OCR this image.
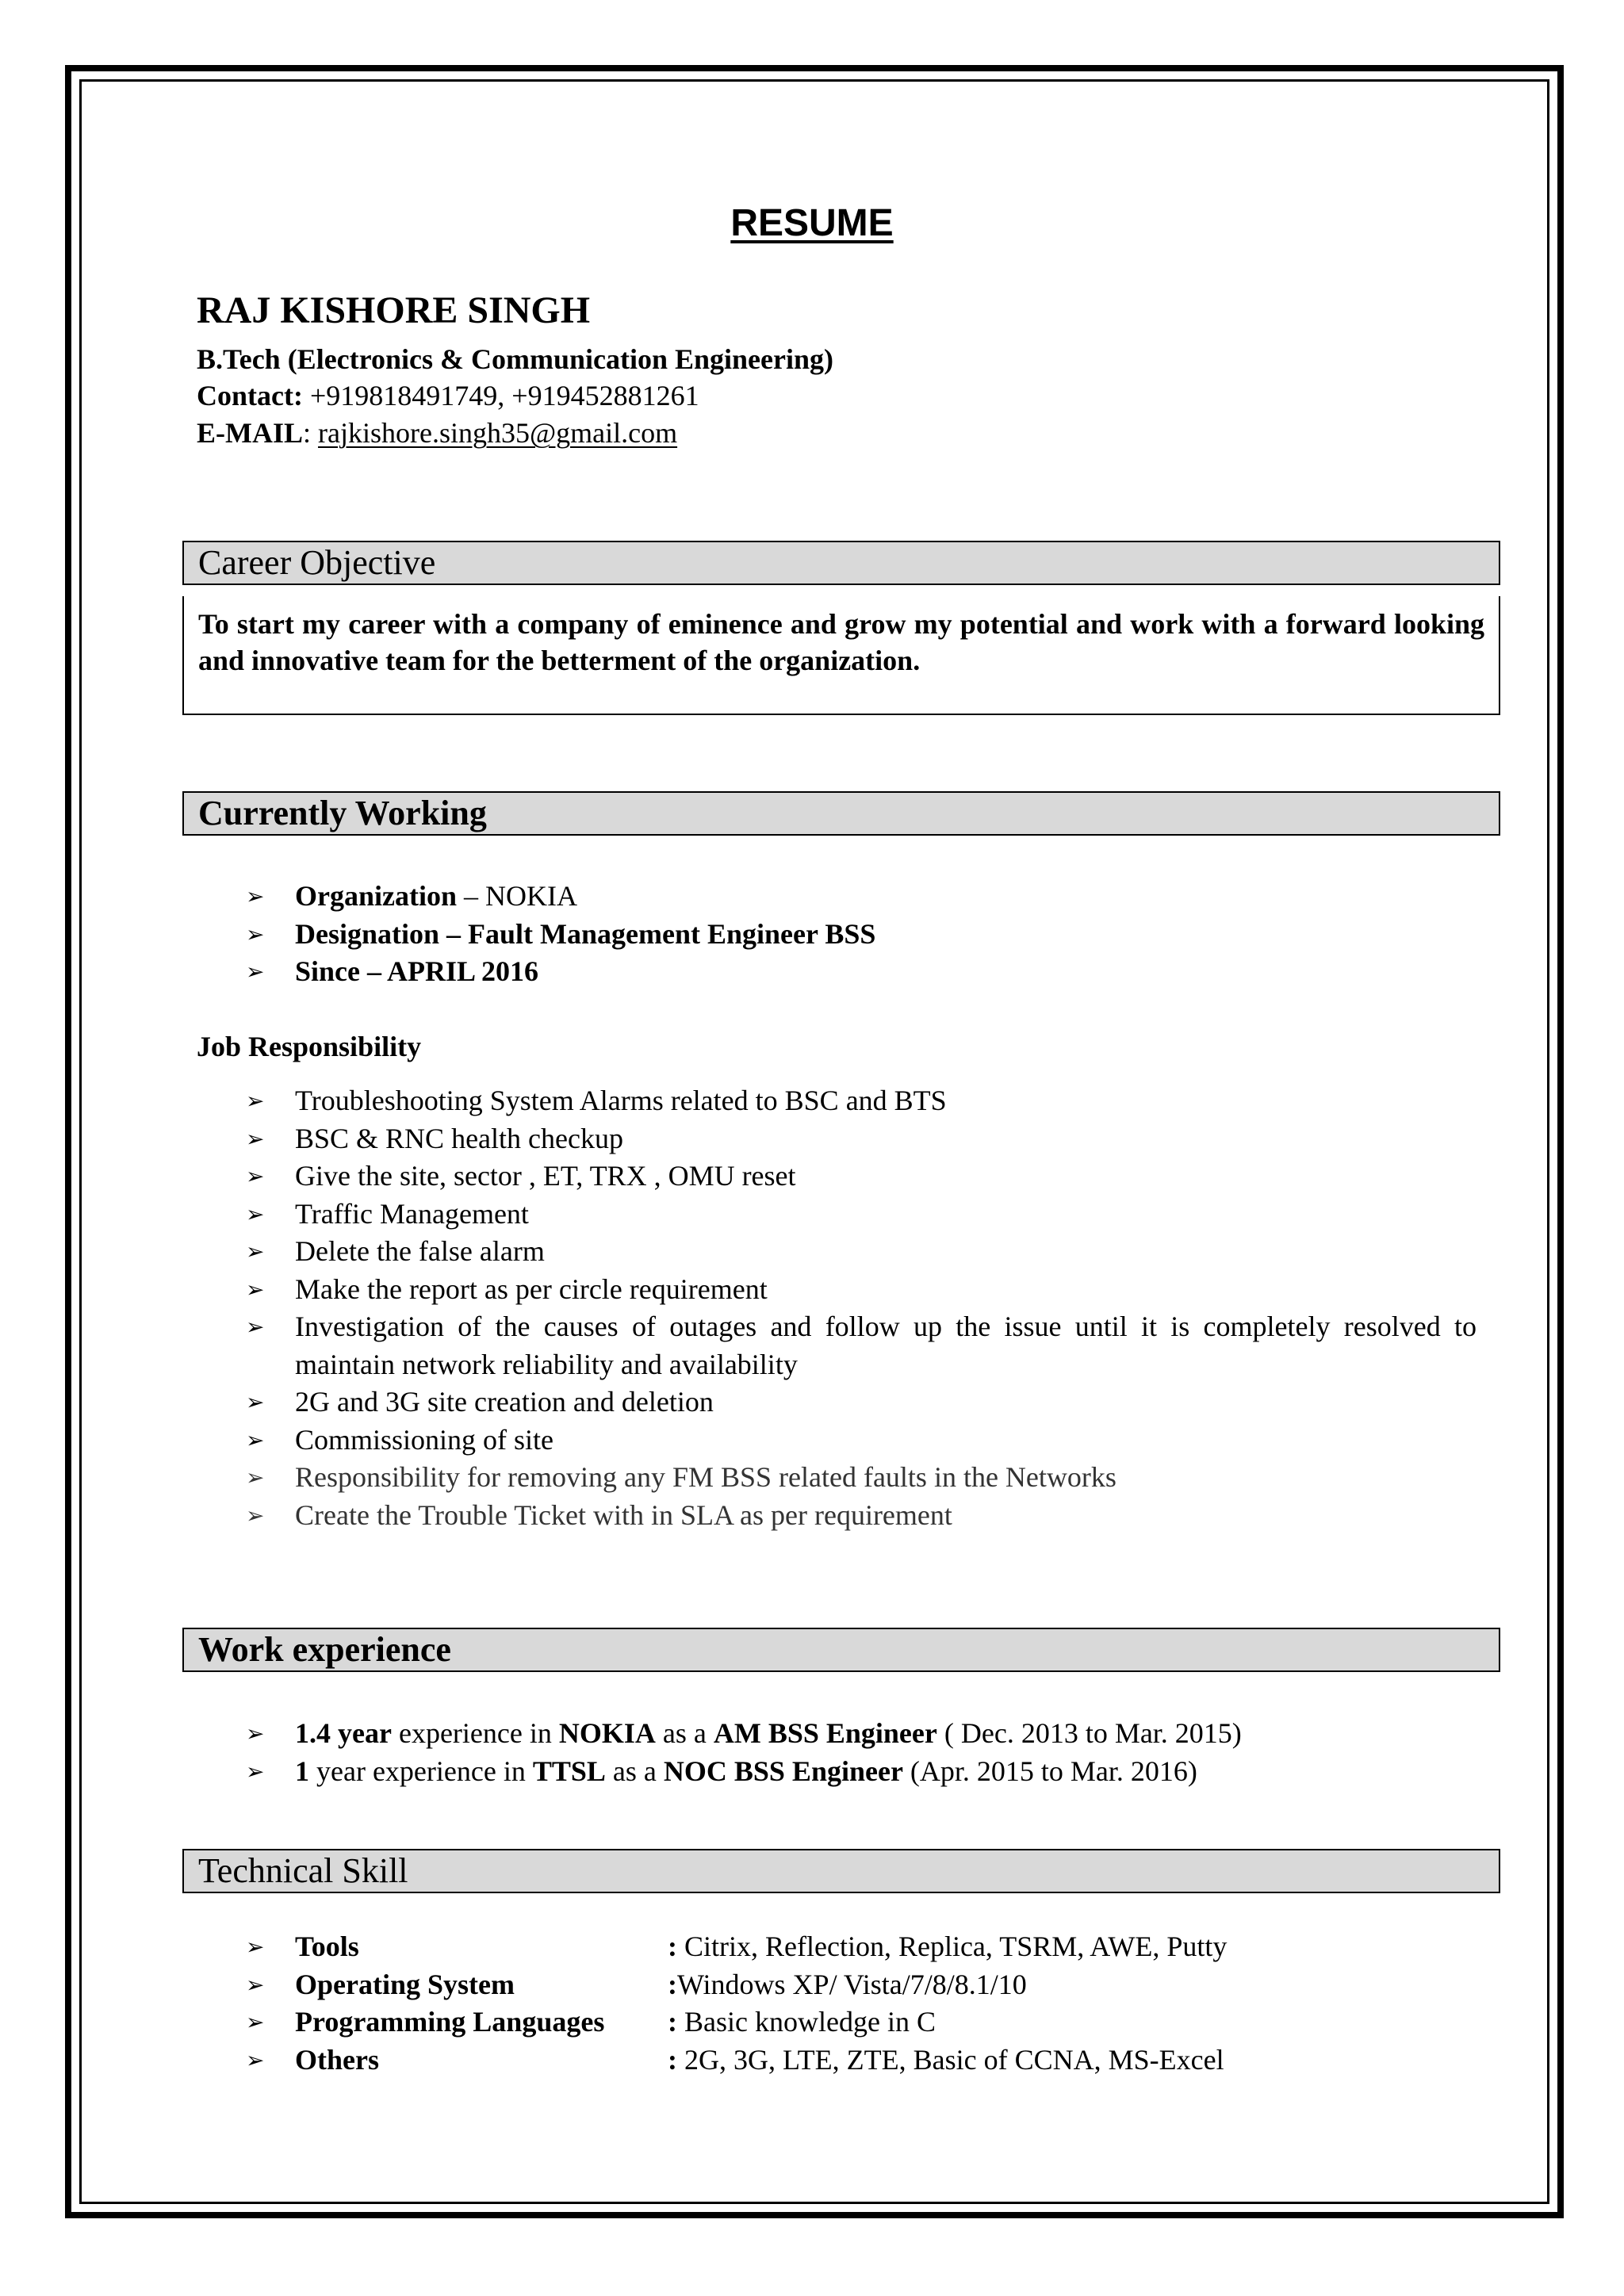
RESUME
RAJ KISHORE SINGH
B.Tech (Electronics & Communication Engineering)
Contact: +919818491749, +919452881261
E-MAIL: rajkishore.singh35@gmail.com
Career Objective
To start my career with a company of eminence and grow my potential and work with a forward looking and innovative team for the betterment of the organization.
Currently Working
➢ Organization – NOKIA
➢ Designation – Fault Management Engineer BSS
➢ Since – APRIL 2016
Job Responsibility
➢ Troubleshooting System Alarms related to BSC and BTS
➢ BSC & RNC health checkup
➢ Give the site, sector , ET, TRX , OMU reset
➢ Traffic Management
➢ Delete the false alarm
➢ Make the report as per circle requirement
➢ Investigation of the causes of outages and follow up the issue until it is completely resolved to maintain network reliability and availability
➢ 2G and 3G site creation and deletion
➢ Commissioning of site
➢ Responsibility for removing any FM BSS related faults in the Networks
➢ Create the Trouble Ticket with in SLA as per requirement
Work experience
➢ 1.4 year experience in NOKIA as a AM BSS Engineer ( Dec. 2013 to Mar. 2015)
➢ 1 year experience in TTSL as a NOC BSS Engineer (Apr. 2015 to Mar. 2016)
Technical Skill
➢ Tools	: Citrix, Reflection, Replica, TSRM, AWE, Putty
➢ Operating System	:Windows XP/ Vista/7/8/8.1/10
➢ Programming Languages : Basic knowledge in C
➢ Others	: 2G, 3G, LTE, ZTE, Basic of CCNA, MS-Excel
